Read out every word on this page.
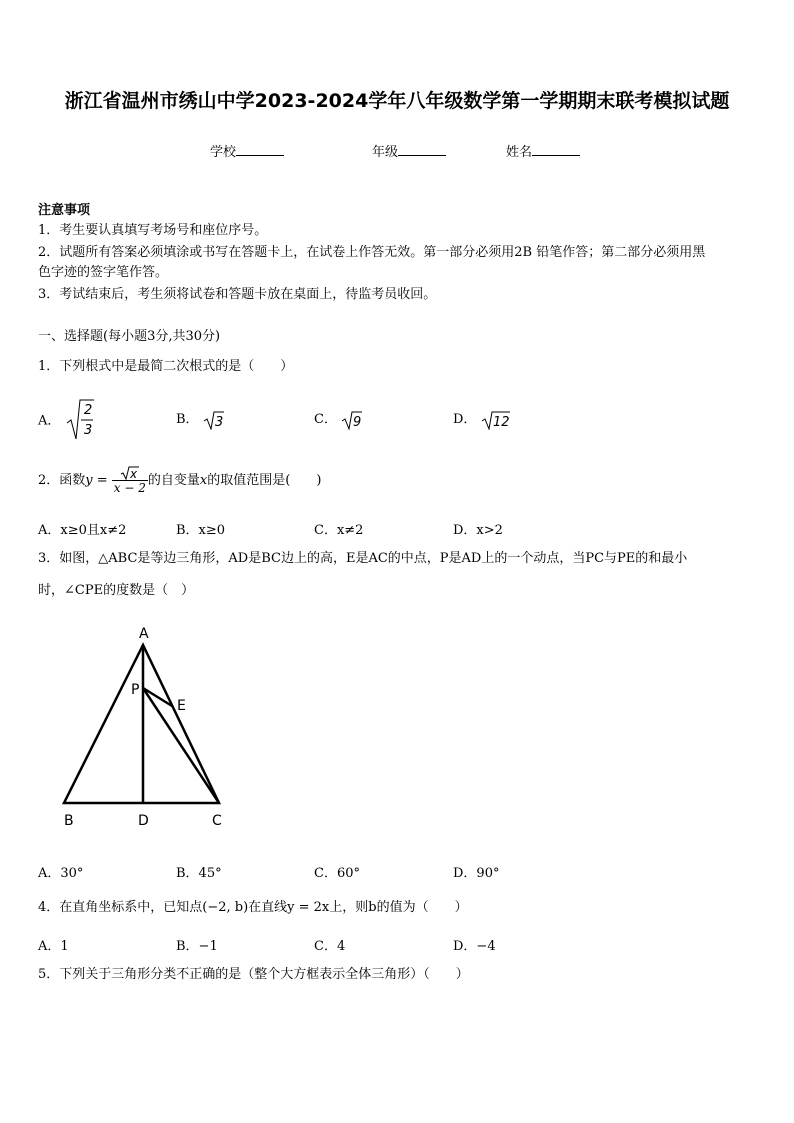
浙江省温州市绣山中学2023-2024学年八年级数学第一学期期末联考模拟试题
学校	年级	姓名
注意事项
1．考生要认真填写考场号和座位序号。
2．试题所有答案必须填涂或书写在答题卡上，在试卷上作答无效。第一部分必须用2B 铅笔作答；第二部分必须用黑
色字迹的签字笔作答。
3．考试结束后，考生须将试卷和答题卡放在桌面上，待监考员收回。
一、选择题(每小题3分,共30分)
1．下列根式中是最简二次根式的是（　　）
A．
2
3
B． 3	C． 9	D． 12
2．函数$y = \frac{x}{x - 2}$ 的自变量x的取值范围是(　　)
A．x≥0且x≠2	B．x≥0	C．x≠2	D．x>2
3．如图，△ABC是等边三角形，AD是BC边上的高，E是AC的中点，P是AD上的一个动点，当PC与PE的和最小
时，∠CPE的度数是（　）
A
P
E
B	D	C
A．30°	B．45°	C．60°	D．90°
4．在直角坐标系中，已知点(−2, b)在直线y = 2x上，则b的值为（　　）
A．1	B．−1	C．4	D．−4
5．下列关于三角形分类不正确的是（整个大方框表示全体三角形）（　　）
